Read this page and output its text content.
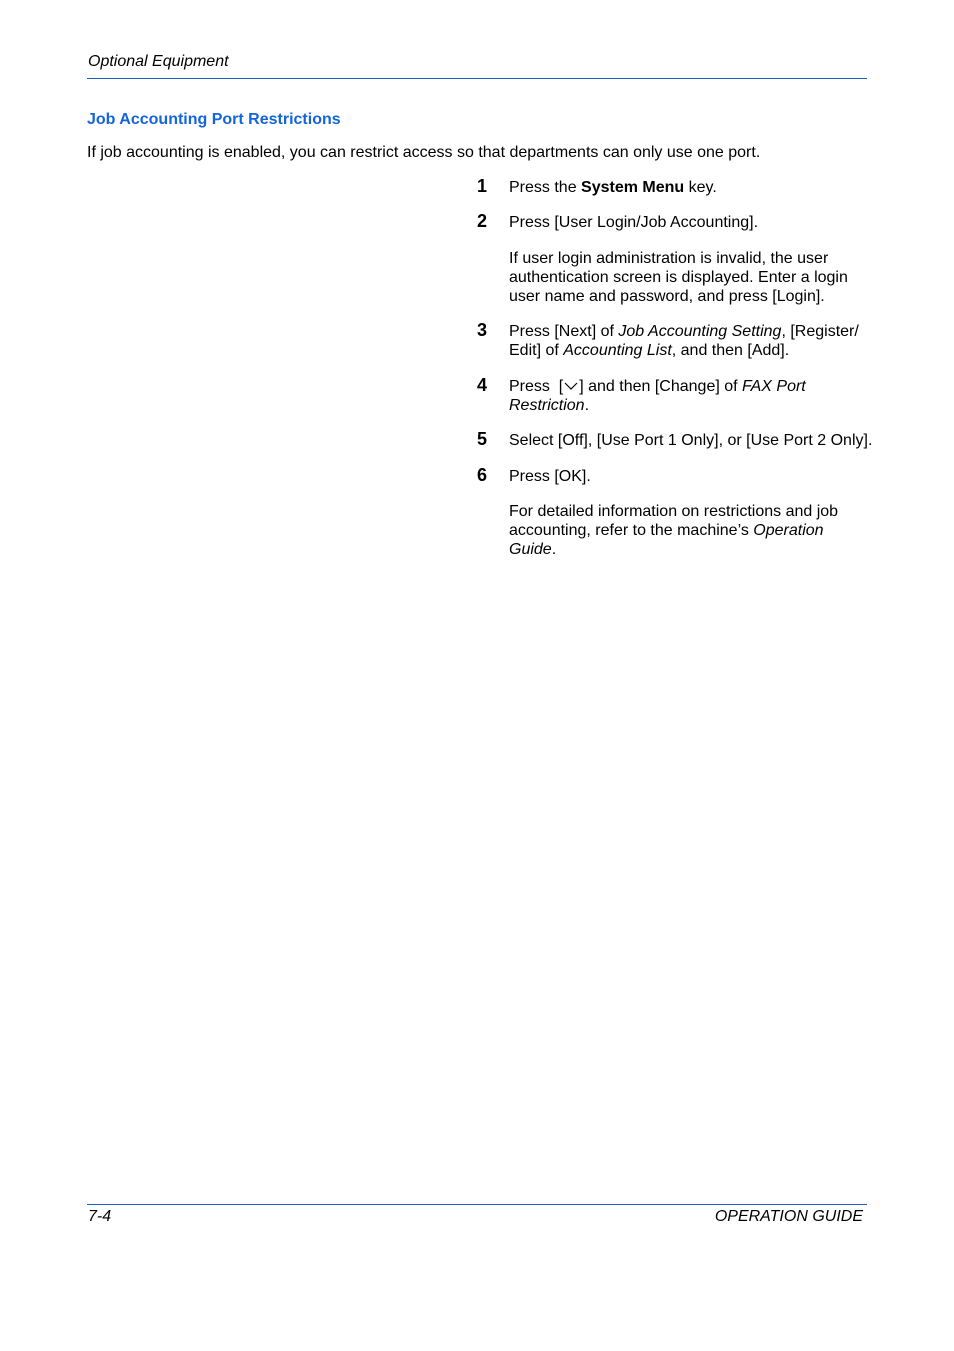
Optional Equipment
Job Accounting Port Restrictions
If job accounting is enabled, you can restrict access so that departments can only use one port.
1 Press the System Menu key.
2 Press [User Login/Job Accounting].
If user login administration is invalid, the user authentication screen is displayed. Enter a login user name and password, and press [Login].
3 Press [Next] of Job Accounting Setting, [Register/ Edit] of Accounting List, and then [Add].
4 Press  [ ] and then [Change] of FAX Port Restriction.
5 Select [Off], [Use Port 1 Only], or [Use Port 2 Only].
6 Press [OK].
For detailed information on restrictions and job accounting, refer to the machine’s Operation Guide.
7-4	OPERATION GUIDE
